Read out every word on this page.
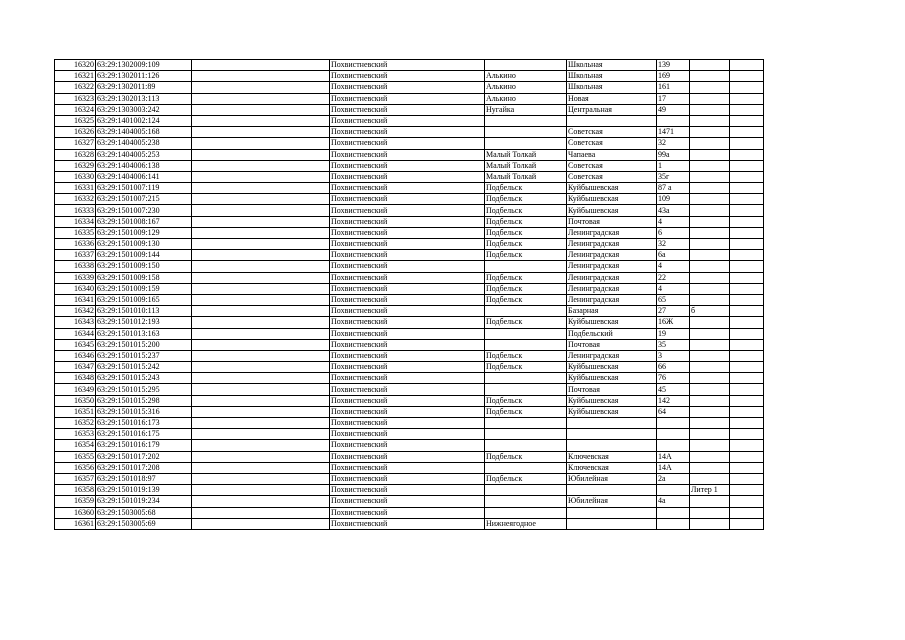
16320	63:29:1302009:109		Похвистневский		Школьная	139		
16321	63:29:1302011:126		Похвистневский	Алькино	Школьная	169		
16322	63:29:1302011:89		Похвистневский	Алькино	Школьная	161		
16323	63:29:1302013:113		Похвистневский	Алькино	Новая	17		
16324	63:29:1303003:242		Похвистневский	Нугайка	Центральная	49		
16325	63:29:1401002:124		Похвистневский					
16326	63:29:1404005:168		Похвистневский		Советская	1471		
16327	63:29:1404005:238		Похвистневский		Советская	32		
16328	63:29:1404005:253		Похвистневский	Малый Толкай	Чапаева	99а		
16329	63:29:1404006:138		Похвистневский	Малый Толкай	Советская	1		
16330	63:29:1404006:141		Похвистневский	Малый Толкай	Советская	35г		
16331	63:29:1501007:119		Похвистневский	Подбельск	Куйбышевская	87 а		
16332	63:29:1501007:215		Похвистневский	Подбельск	Куйбышевская	109		
16333	63:29:1501007:230		Похвистневский	Подбельск	Куйбышевская	43а		
16334	63:29:1501008:167		Похвистневский	Подбельск	Почтовая	4		
16335	63:29:1501009:129		Похвистневский	Подбельск	Ленинградская	6		
16336	63:29:1501009:130		Похвистневский	Подбельск	Ленинградская	32		
16337	63:29:1501009:144		Похвистневский	Подбельск	Ленинградская	6а		
16338	63:29:1501009:150		Похвистневский		Ленинградская	4		
16339	63:29:1501009:158		Похвистневский	Подбельск	Ленинградская	22		
16340	63:29:1501009:159		Похвистневский	Подбельск	Ленинградская	4		
16341	63:29:1501009:165		Похвистневский	Подбельск	Ленинградская	65		
16342	63:29:1501010:113		Похвистневский		Базарная	27	б	
16343	63:29:1501012:193		Похвистневский	Подбельск	Куйбышевская	16Ж		
16344	63:29:1501013:163		Похвистневский		Подбельский	19		
16345	63:29:1501015:200		Похвистневский		Почтовая	35		
16346	63:29:1501015:237		Похвистневский	Подбельск	Ленинградская	3		
16347	63:29:1501015:242		Похвистневский	Подбельск	Куйбышевская	66		
16348	63:29:1501015:243		Похвистневский		Куйбышевская	76		
16349	63:29:1501015:295		Похвистневский		Почтовая	45		
16350	63:29:1501015:298		Похвистневский	Подбельск	Куйбышевская	142		
16351	63:29:1501015:316		Похвистневский	Подбельск	Куйбышевская	64		
16352	63:29:1501016:173		Похвистневский					
16353	63:29:1501016:175		Похвистневский					
16354	63:29:1501016:179		Похвистневский					
16355	63:29:1501017:202		Похвистневский	Подбельск	Ключевская	14А		
16356	63:29:1501017:208		Похвистневский		Ключевская	14А		
16357	63:29:1501018:97		Похвистневский	Подбельск	Юбилейная	2а		
16358	63:29:1501019:139		Похвистневский				Литер 1	
16359	63:29:1501019:234		Похвистневский		Юбилейная	4а		
16360	63:29:1503005:68		Похвистневский					
16361	63:29:1503005:69		Похвистневский	Нижнеягодное				
